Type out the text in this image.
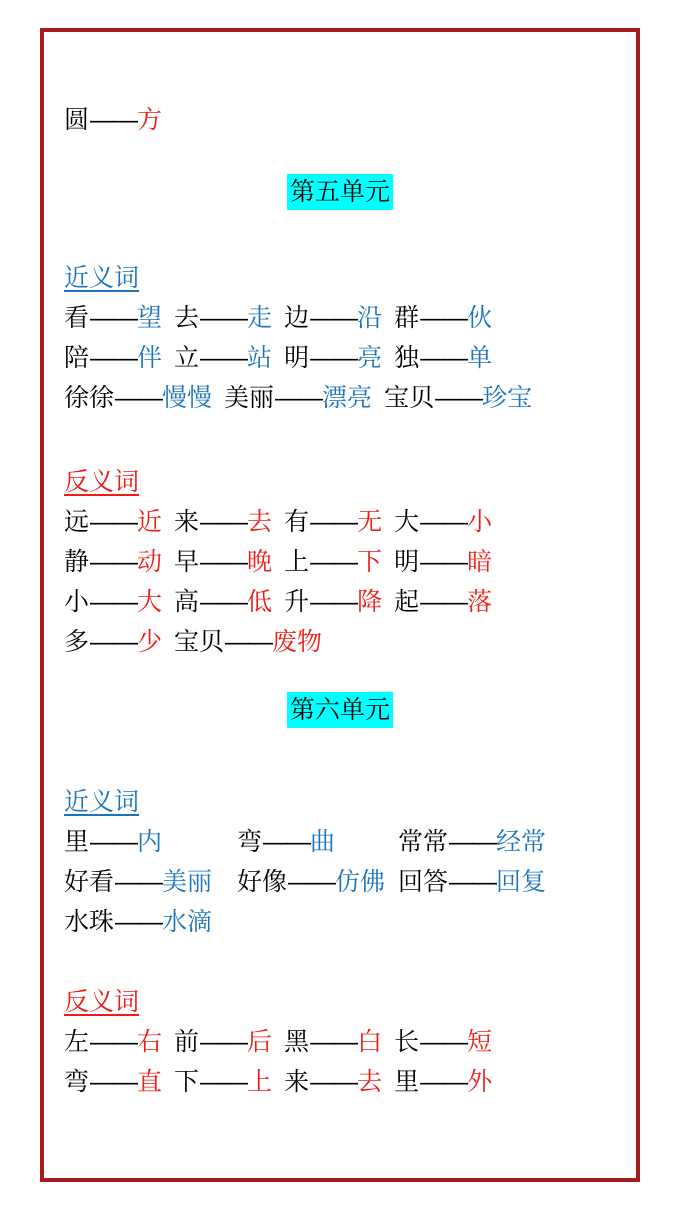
圆——方
第五单元
近义词
看——望 去——走 边——沿 群——伙
陪——伴 立——站 明——亮 独——单
徐徐——慢慢 美丽——漂亮 宝贝——珍宝
反义词
远——近 来——去 有——无 大——小
静——动 早——晚 上——下 明——暗
小——大 高——低 升——降 起——落
多——少 宝贝——废物
第六单元
近义词
里——内	弯——曲	常常——经常
好看——美丽 好像——仿佛 回答——回复
水珠——水滴
反义词
左——右 前——后 黑——白 长——短
弯——直 下——上 来——去 里——外
